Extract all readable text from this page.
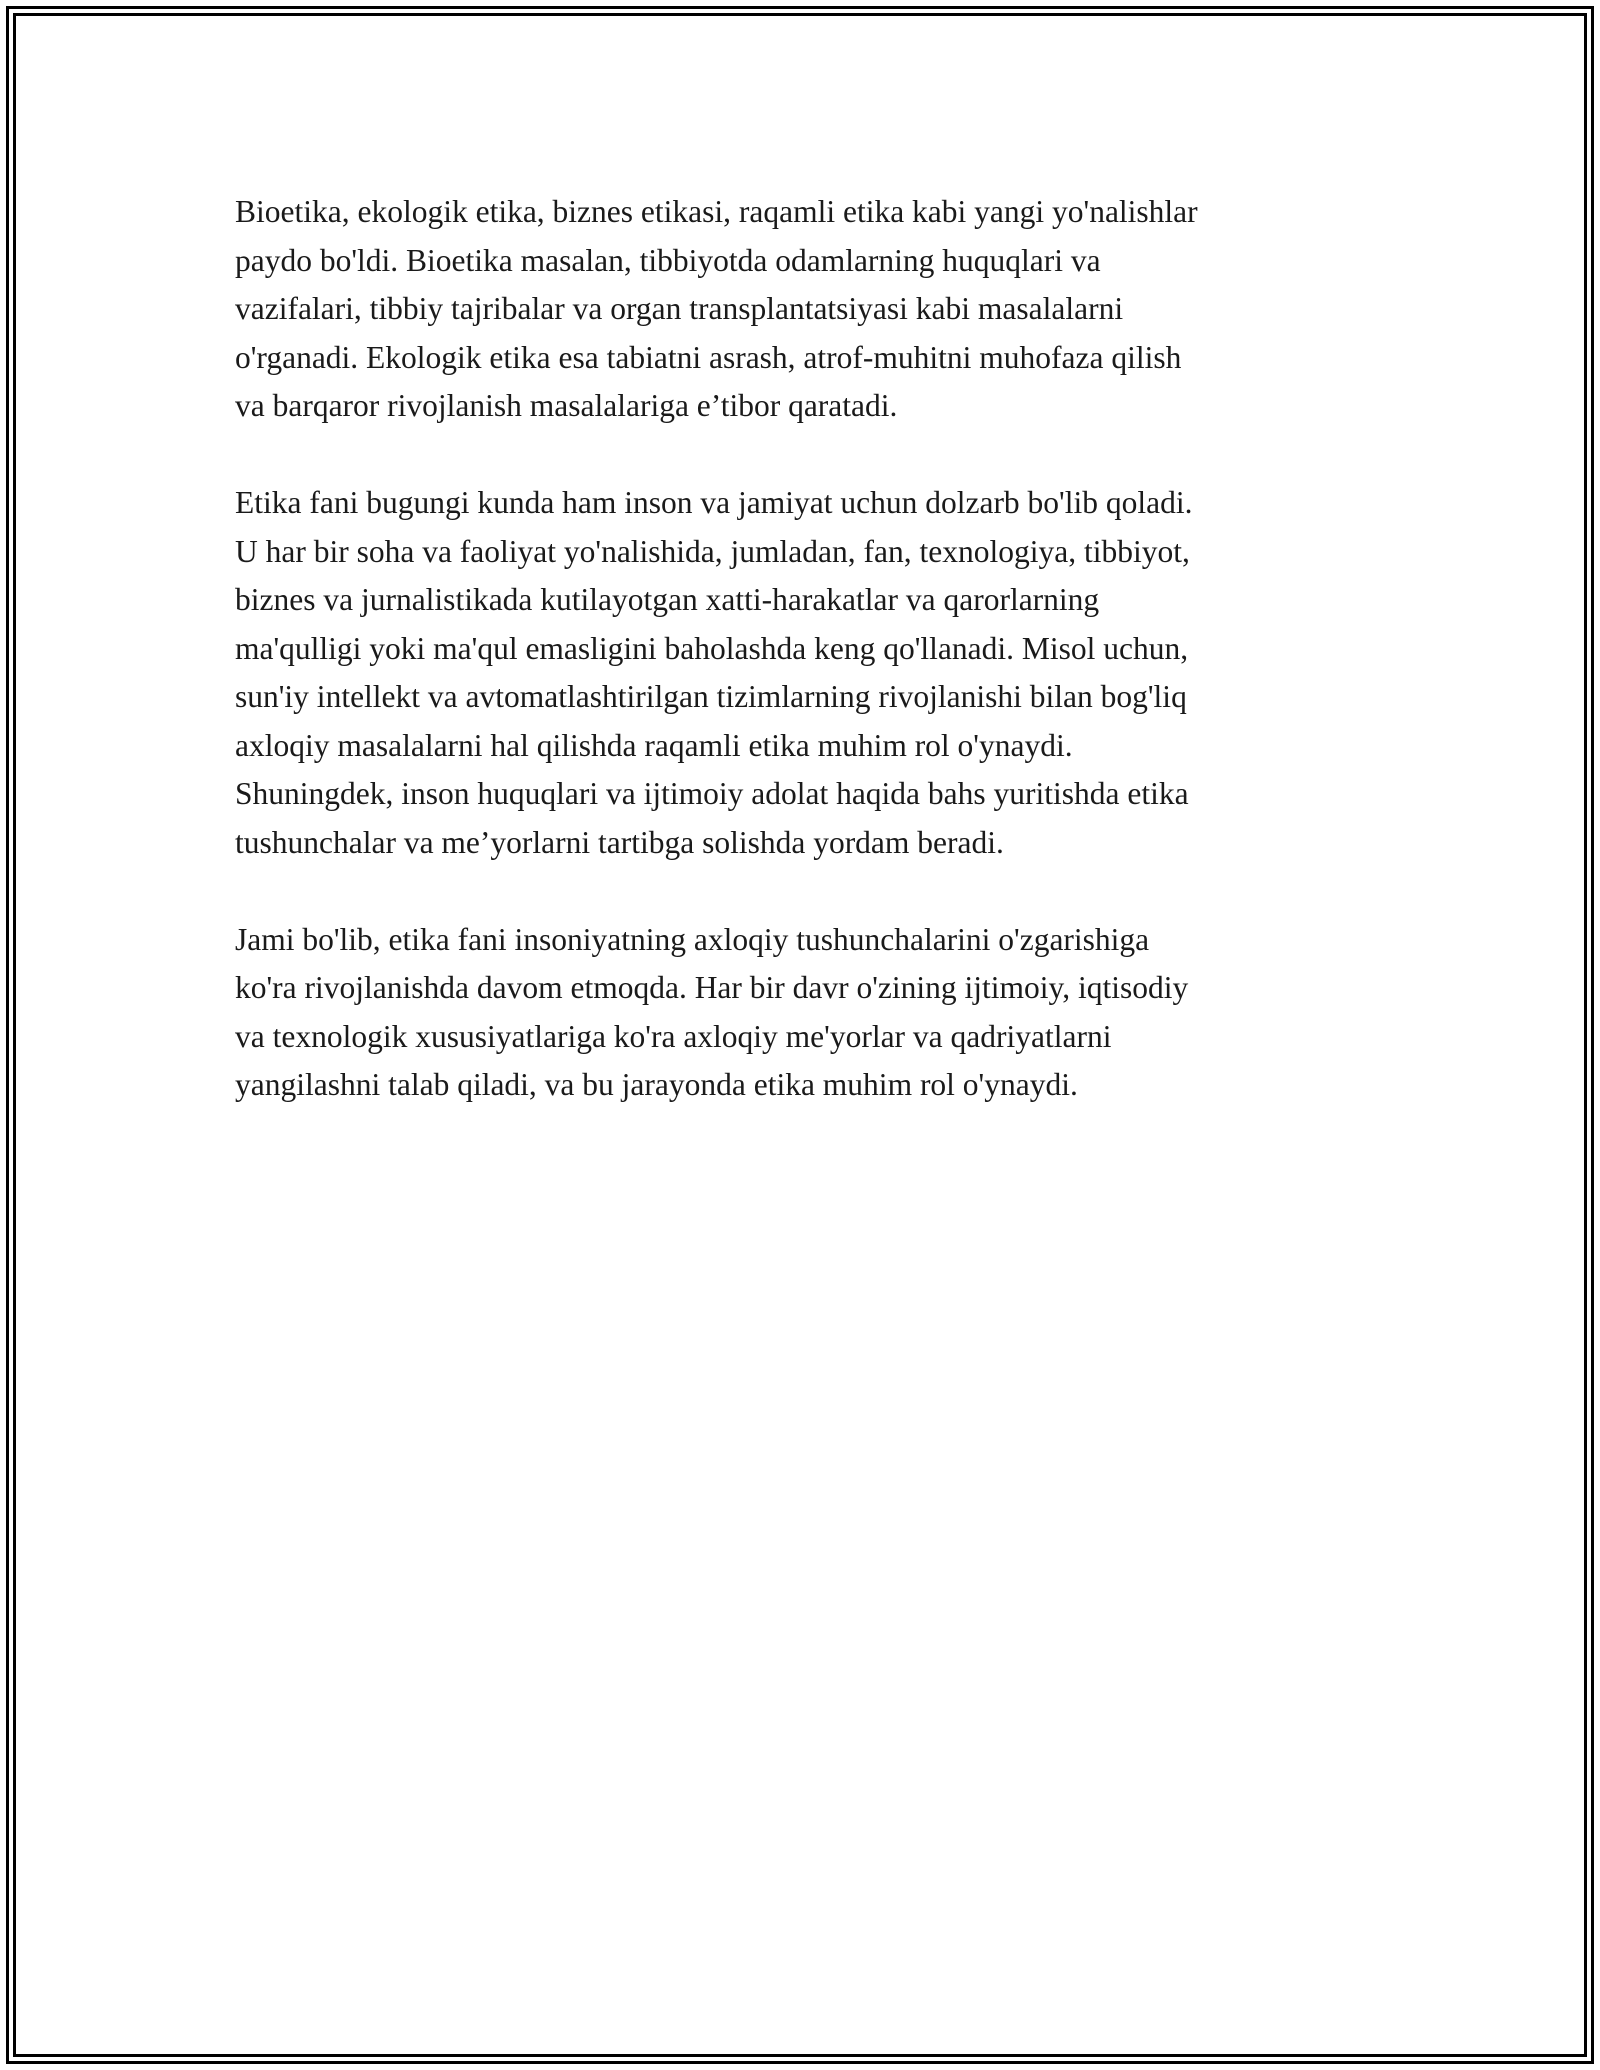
Bioetika, ekologik etika, biznes etikasi, raqamli etika kabi yangi yo'nalishlar
paydo bo'ldi. Bioetika masalan, tibbiyotda odamlarning huquqlari va
vazifalari, tibbiy tajribalar va organ transplantatsiyasi kabi masalalarni
o'rganadi. Ekologik etika esa tabiatni asrash, atrof-muhitni muhofaza qilish
va barqaror rivojlanish masalalariga e’tibor qaratadi.

Etika fani bugungi kunda ham inson va jamiyat uchun dolzarb bo'lib qoladi.
U har bir soha va faoliyat yo'nalishida, jumladan, fan, texnologiya, tibbiyot,
biznes va jurnalistikada kutilayotgan xatti-harakatlar va qarorlarning
ma'qulligi yoki ma'qul emasligini baholashda keng qo'llanadi. Misol uchun,
sun'iy intellekt va avtomatlashtirilgan tizimlarning rivojlanishi bilan bog'liq
axloqiy masalalarni hal qilishda raqamli etika muhim rol o'ynaydi.
Shuningdek, inson huquqlari va ijtimoiy adolat haqida bahs yuritishda etika
tushunchalar va me’yorlarni tartibga solishda yordam beradi.

Jami bo'lib, etika fani insoniyatning axloqiy tushunchalarini o'zgarishiga
ko'ra rivojlanishda davom etmoqda. Har bir davr o'zining ijtimoiy, iqtisodiy
va texnologik xususiyatlariga ko'ra axloqiy me'yorlar va qadriyatlarni
yangilashni talab qiladi, va bu jarayonda etika muhim rol o'ynaydi.
